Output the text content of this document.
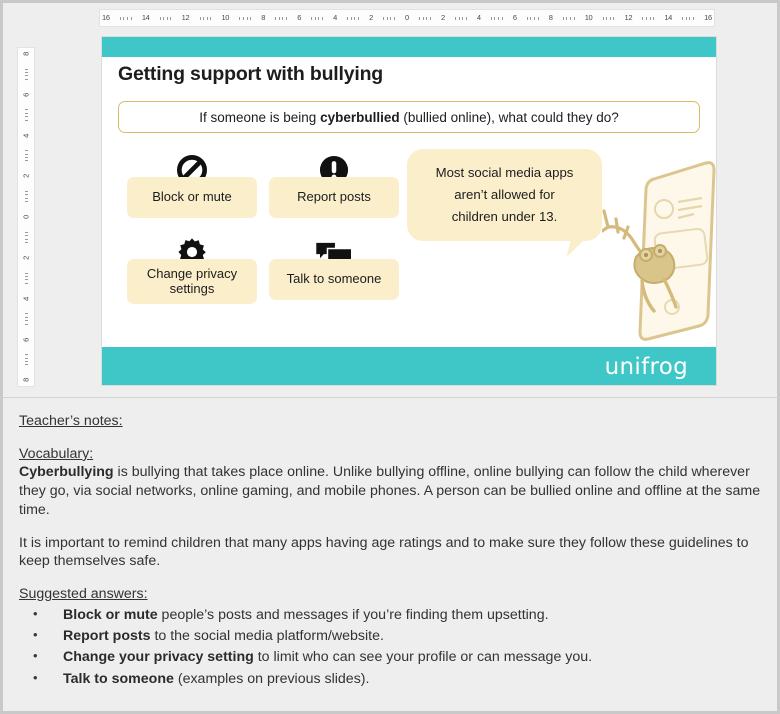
16	14	12	10	8	6	4	2	0	2	4	6	8	10	12	14	16
8
6
4
2
0
2
4
6
8
Getting support with bullying
If someone is being cyberbullied (bullied online), what could they do?
Block or mute	Report posts
Change privacy settings
Talk to someone
Most social media apps
aren’t allowed for
children under 13.
unifrog

Teacher’s notes:

Vocabulary:

Cyberbullying is bullying that takes place online. Unlike bullying offline, online bullying can follow the child wherever they go, via social networks, online gaming, and mobile phones. A person can be bullied online and offline at the same time.

It is important to remind children that many apps having age ratings and to make sure they follow these guidelines to keep themselves safe.

Suggested answers:

• Block or mute people’s posts and messages if you’re finding them upsetting.
• Report posts to the social media platform/website.
• Change your privacy setting to limit who can see your profile or can message you.
• Talk to someone (examples on previous slides).
